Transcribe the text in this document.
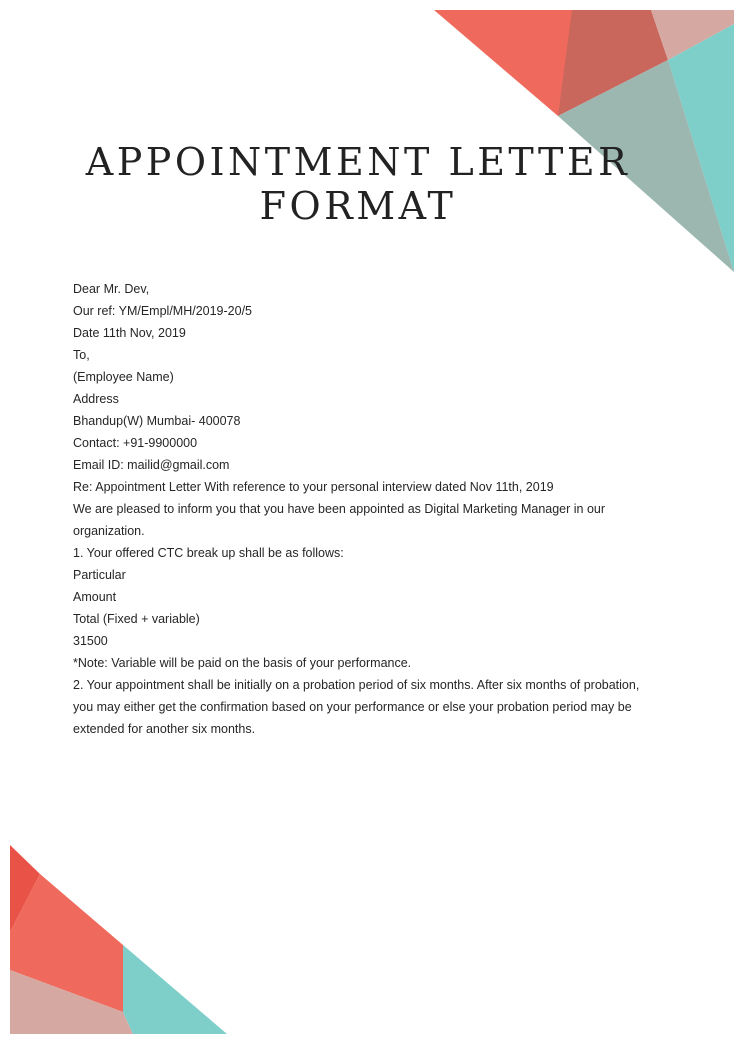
APPOINTMENT LETTER
FORMAT

Dear Mr. Dev,

Our ref: YM/Empl/MH/2019-20/5

Date 11th Nov, 2019

To,

(Employee Name)

Address

Bhandup(W) Mumbai- 400078

Contact: +91-9900000

Email ID: mailid@gmail.com

Re: Appointment Letter With reference to your personal interview dated Nov 11th, 2019

We are pleased to inform you that you have been appointed as Digital Marketing Manager in our organization.

1. Your offered CTC break up shall be as follows:

Particular

Amount

Total (Fixed + variable)

31500

*Note: Variable will be paid on the basis of your performance.

2. Your appointment shall be initially on a probation period of six months. After six months of probation, you may either get the confirmation based on your performance or else your probation period may be extended for another six months.
